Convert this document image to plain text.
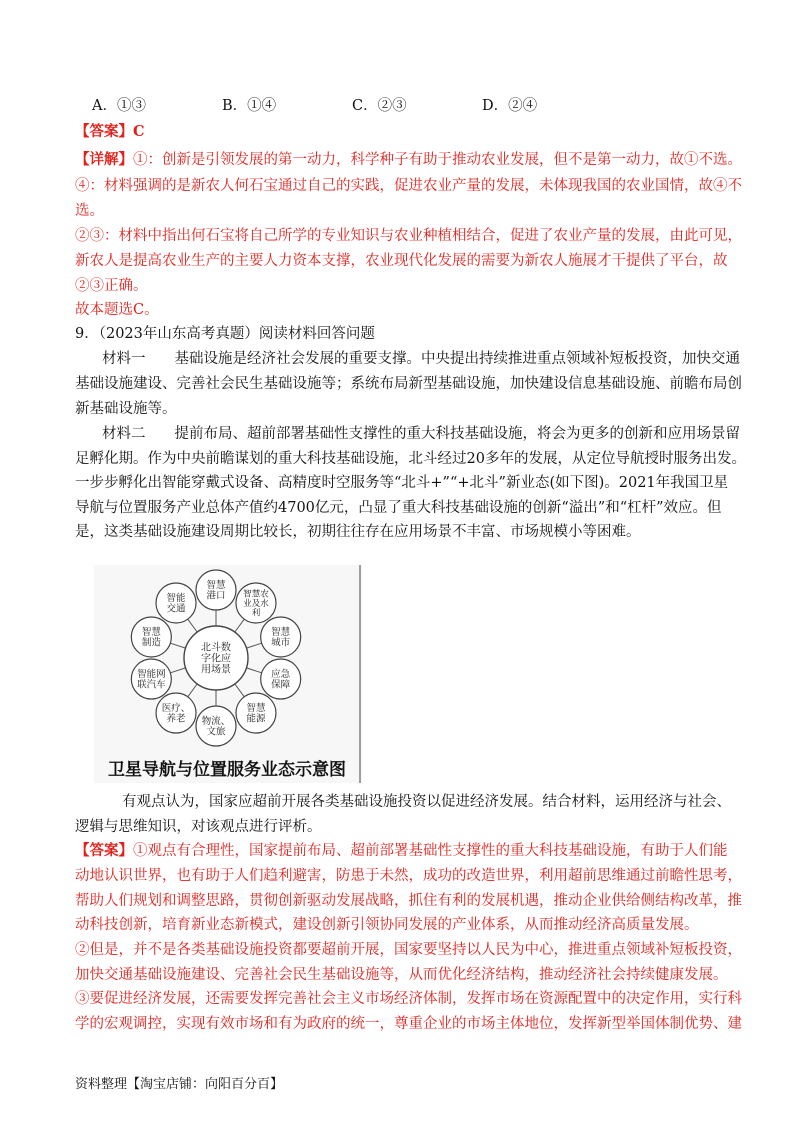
A．①③	B．①④	C．②③	D．②④
【答案】C
【详解】①：创新是引领发展的第一动力，科学种子有助于推动农业发展，但不是第一动力，故①不选。
④：材料强调的是新农人何石宝通过自己的实践，促进农业产量的发展，未体现我国的农业国情，故④不
选。
②③：材料中指出何石宝将自己所学的专业知识与农业种植相结合，促进了农业产量的发展，由此可见，
新农人是提高农业生产的主要人力资本支撑，农业现代化发展的需要为新农人施展才干提供了平台，故
②③正确。
故本题选C。
9．（2023年山东高考真题）阅读材料回答问题
材料一　　基础设施是经济社会发展的重要支撑。中央提出持续推进重点领域补短板投资，加快交通
基础设施建设、完善社会民生基础设施等；系统布局新型基础设施，加快建设信息基础设施、前瞻布局创
新基础设施等。
材料二　　提前布局、超前部署基础性支撑性的重大科技基础设施，将会为更多的创新和应用场景留
足孵化期。作为中央前瞻谋划的重大科技基础设施，北斗经过20多年的发展，从定位导航授时服务出发。
一步步孵化出智能穿戴式设备、高精度时空服务等“北斗+”“+北斗”新业态(如下图)。2021年我国卫星
导航与位置服务产业总体产值约4700亿元，凸显了重大科技基础设施的创新“溢出”和“杠杆”效应。但
是，这类基础设施建设周期比较长，初期往往存在应用场景不丰富、市场规模小等困难。
智慧
港口 智慧农
业及水
利
智慧
城市
应急
保障
智慧
能源
物流、
文旅
医疗、
养老
智能网
联汽车
智慧
制造
智能
交通
北斗数
字化应
用场景
卫星导航与位置服务业态示意图
有观点认为，国家应超前开展各类基础设施投资以促进经济发展。结合材料，运用经济与社会、
逻辑与思维知识，对该观点进行评析。
【答案】①观点有合理性，国家提前布局、超前部署基础性支撑性的重大科技基础设施，有助于人们能
动地认识世界，也有助于人们趋利避害，防患于未然，成功的改造世界，利用超前思维通过前瞻性思考，
帮助人们规划和调整思路，贯彻创新驱动发展战略，抓住有利的发展机遇，推动企业供给侧结构改革，推
动科技创新，培育新业态新模式，建设创新引领协同发展的产业体系，从而推动经济高质量发展。
②但是，并不是各类基础设施投资都要超前开展，国家要坚持以人民为中心，推进重点领域补短板投资，
加快交通基础设施建设、完善社会民生基础设施等，从而优化经济结构，推动经济社会持续健康发展。
③要促进经济发展，还需要发挥完善社会主义市场经济体制，发挥市场在资源配置中的决定作用，实行科
学的宏观调控，实现有效市场和有为政府的统一，尊重企业的市场主体地位，发挥新型举国体制优势、建
资料整理【淘宝店铺：向阳百分百】
